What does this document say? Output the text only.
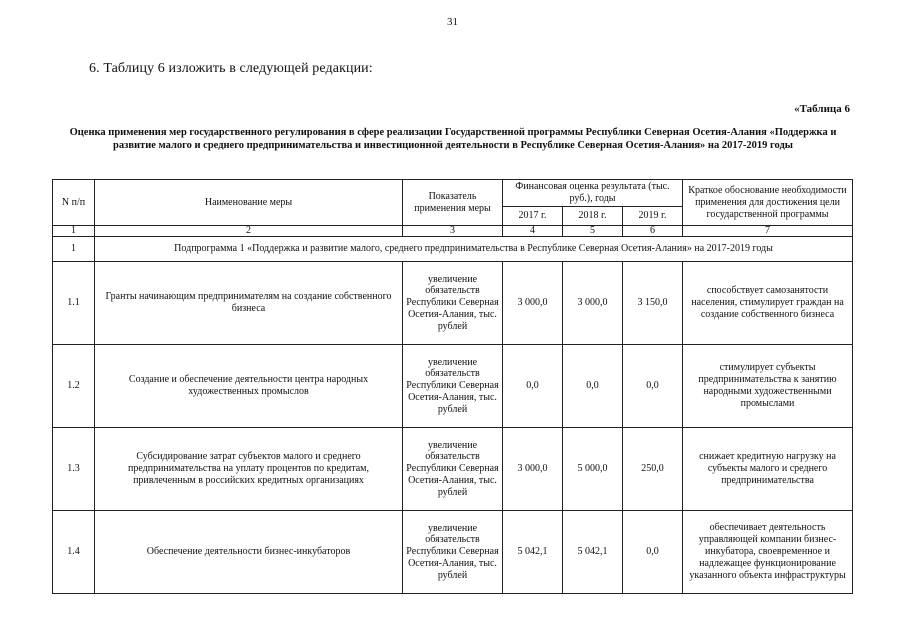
31
6. Таблицу 6 изложить в следующей редакции:
«Таблица 6
Оценка применения мер государственного регулирования в сфере реализации Государственной программы Республики Северная Осетия-Алания «Поддержка и развитие малого и среднего предпринимательства и инвестиционной деятельности в Республике Северная Осетия-Алания» на 2017-2019 годы
N п/п	Наименование меры	Показатель применения меры	Финансовая оценка результата (тыс. руб.), годы			Краткое обоснование необходимости применения для достижения цели государственной программы
			2017 г.	2018 г.	2019 г.	
1	2	3	4	5	6	7
1	Подпрограмма 1 «Поддержка и развитие малого, среднего предпринимательства в Республике Северная Осетия-Алания» на 2017-2019 годы					
1.1	Гранты начинающим предпринимателям на создание собственного бизнеса	увеличение обязательств Республики Северная Осетия-Алания, тыс. рублей	3 000,0	3 000,0	3 150,0	способствует самозанятости населения, стимулирует граждан на создание собственного бизнеса
1.2	Создание и обеспечение деятельности центра народных художественных промыслов	увеличение обязательств Республики Северная Осетия-Алания, тыс. рублей	0,0	0,0	0,0	стимулирует субъекты предпринимательства к занятию народными художественными промыслами
1.3	Субсидирование затрат субъектов малого и среднего предпринимательства на уплату процентов по кредитам, привлеченным в российских кредитных организациях	увеличение обязательств Республики Северная Осетия-Алания, тыс. рублей	3 000,0	5 000,0	250,0	снижает кредитную нагрузку на субъекты малого и среднего предпринимательства
1.4	Обеспечение деятельности бизнес-инкубаторов	увеличение обязательств Республики Северная Осетия-Алания, тыс. рублей	5 042,1	5 042,1	0,0	обеспечивает деятельность управляющей компании бизнес-инкубатора, своевременное и надлежащее функционирование указанного объекта инфраструктуры
